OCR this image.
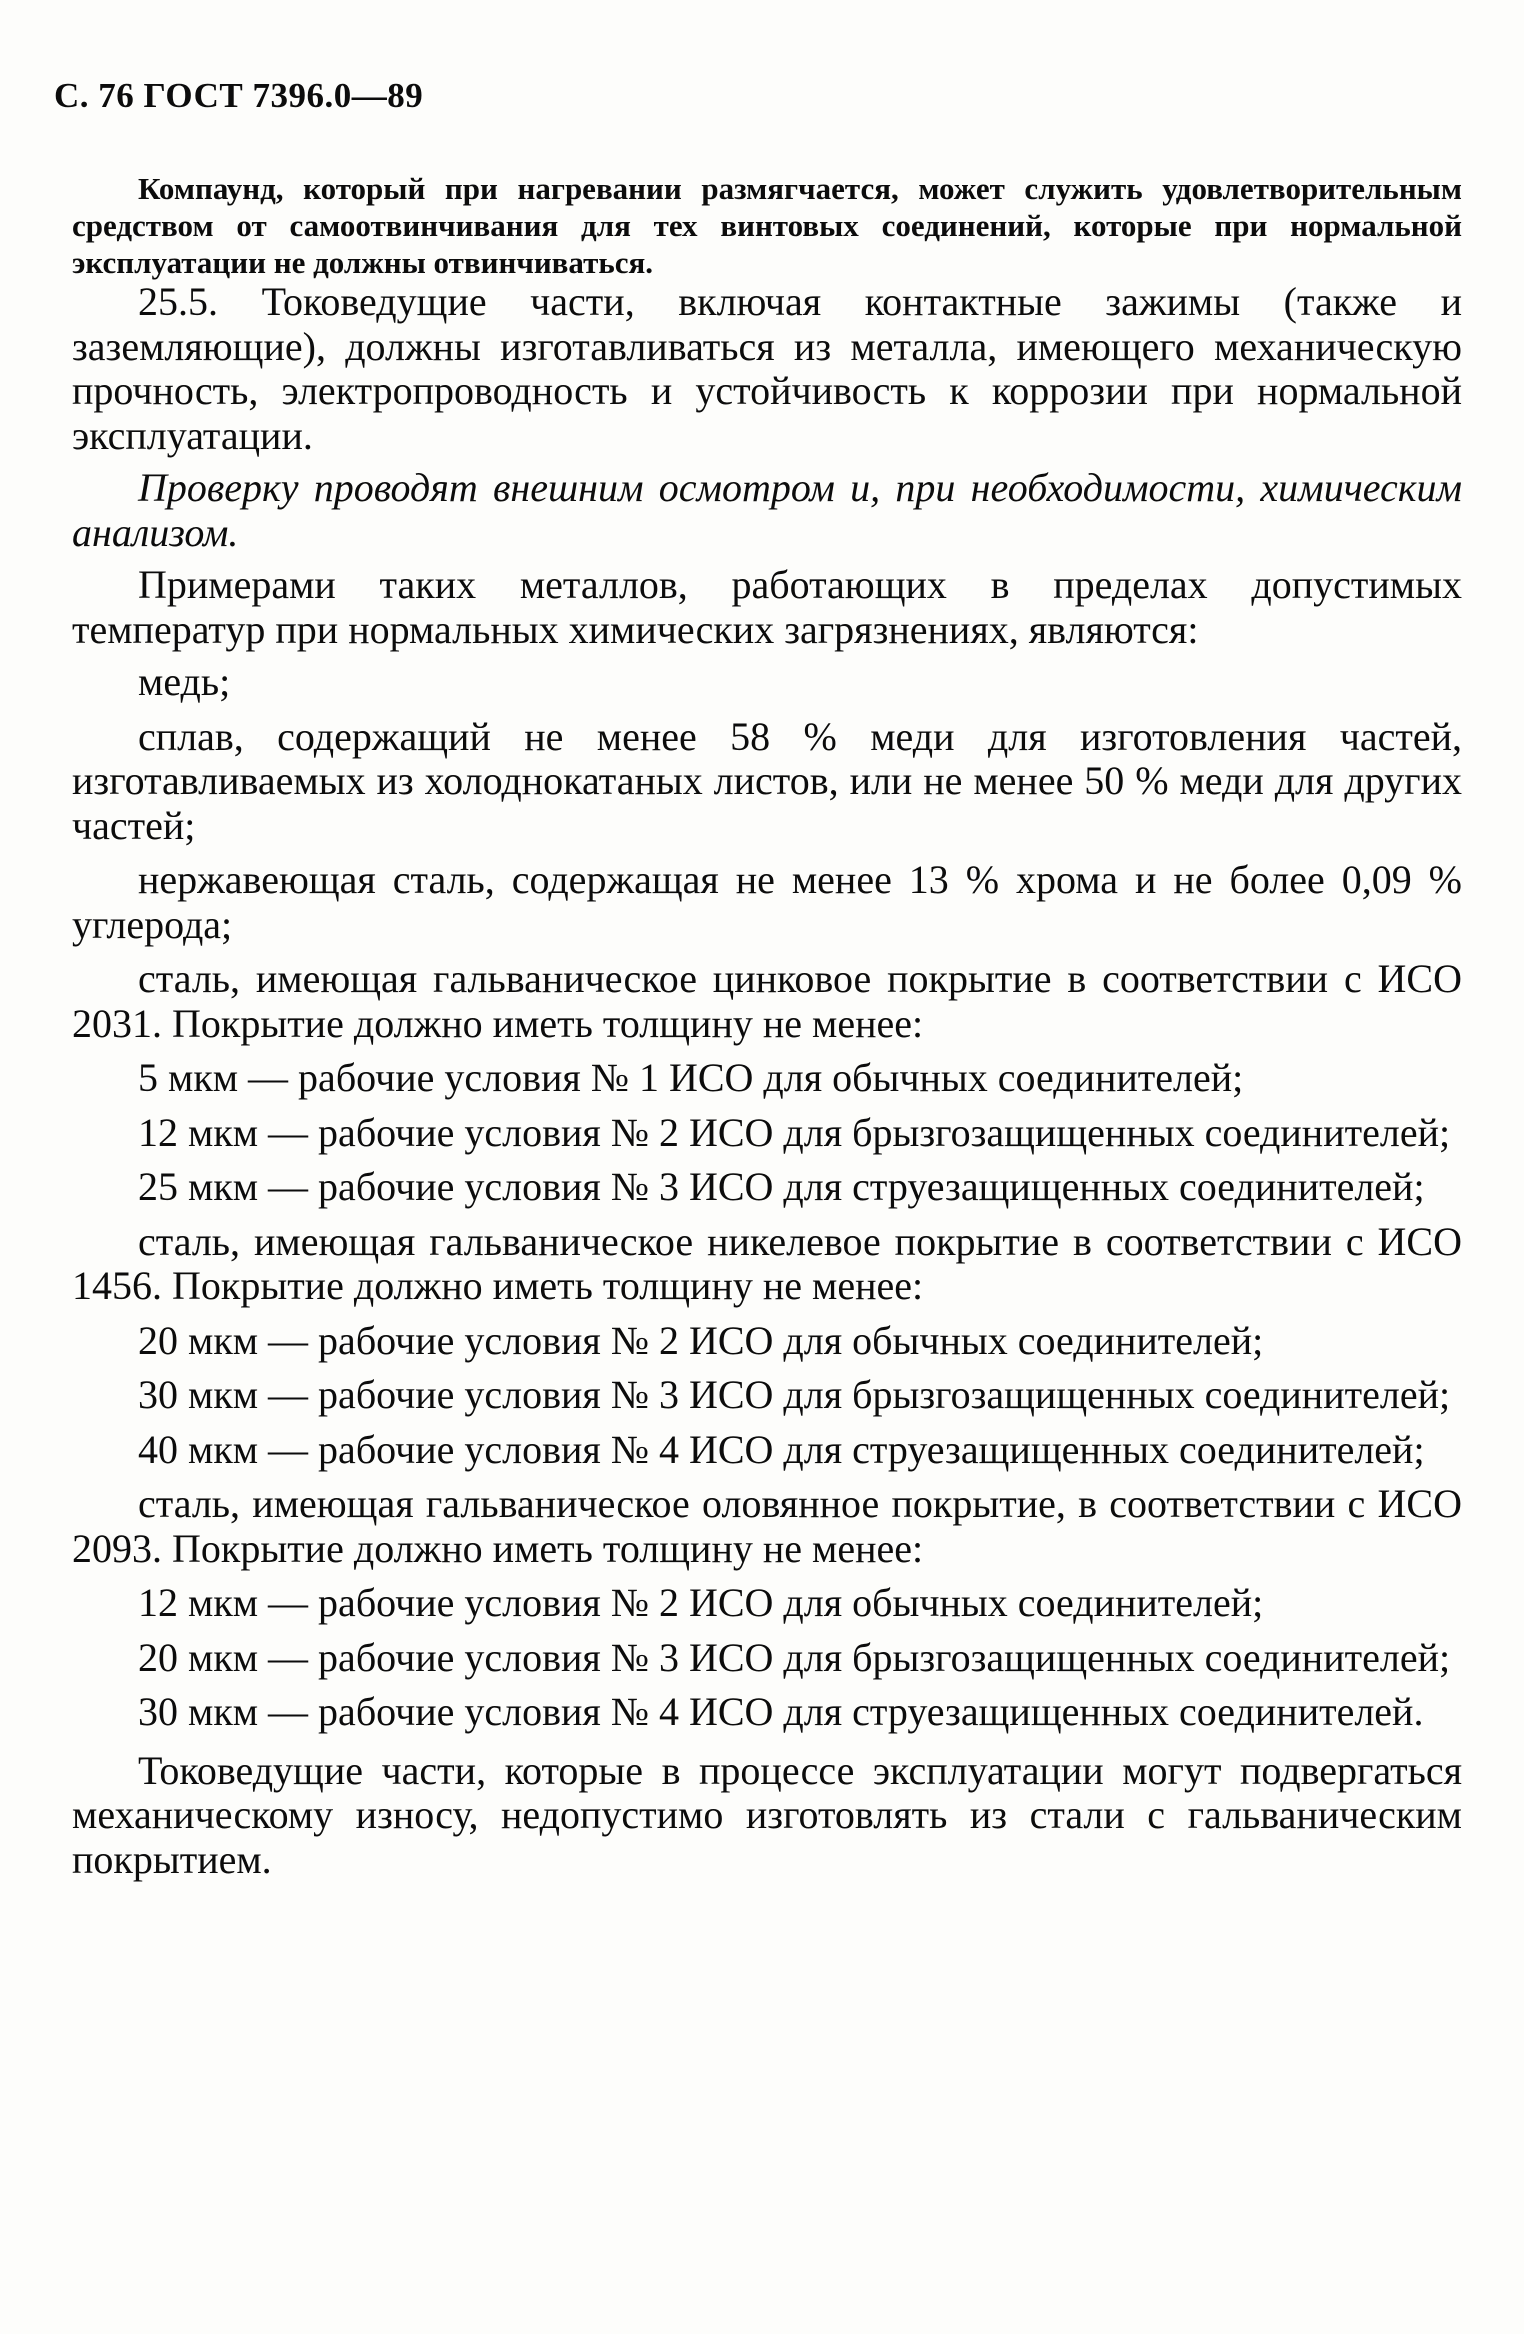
С. 76 ГОСТ 7396.0—89
Компаунд, который при нагревании размягчается, может служить удовлетворительным средством от самоотвинчивания для тех винтовых соединений, которые при нормальной эксплуатации не должны отвинчиваться.

25.5. Токоведущие части, включая контактные зажимы (также и заземляющие), должны изготавливаться из металла, имеющего механическую прочность, электропроводность и устойчивость к коррозии при нормальной эксплуатации.

Проверку проводят внешним осмотром и, при необходимости, химическим анализом.

Примерами таких металлов, работающих в пределах допустимых температур при нормальных химических загрязнениях, являются:

медь;

сплав, содержащий не менее 58 % меди для изготовления частей, изготавливаемых из холоднокатаных листов, или не менее 50 % меди для других частей;

нержавеющая сталь, содержащая не менее 13 % хрома и не более 0,09 % углерода;

сталь, имеющая гальваническое цинковое покрытие в соответствии с ИСО 2031. Покрытие должно иметь толщину не менее:

5 мкм — рабочие условия № 1 ИСО для обычных соединителей;

12 мкм — рабочие условия № 2 ИСО для брызгозащищенных соединителей;

25 мкм — рабочие условия № 3 ИСО для струезащищенных соединителей;

сталь, имеющая гальваническое никелевое покрытие в соответствии с ИСО 1456. Покрытие должно иметь толщину не менее:

20 мкм — рабочие условия № 2 ИСО для обычных соединителей;

30 мкм — рабочие условия № 3 ИСО для брызгозащищенных соединителей;

40 мкм — рабочие условия № 4 ИСО для струезащищенных соединителей;

сталь, имеющая гальваническое оловянное покрытие, в соответствии с ИСО 2093. Покрытие должно иметь толщину не менее:

12 мкм — рабочие условия № 2 ИСО для обычных соединителей;

20 мкм — рабочие условия № 3 ИСО для брызгозащищенных соединителей;

30 мкм — рабочие условия № 4 ИСО для струезащищенных соединителей.

Токоведущие части, которые в процессе эксплуатации могут подвергаться механическому износу, недопустимо изготовлять из стали с гальваническим покрытием.
